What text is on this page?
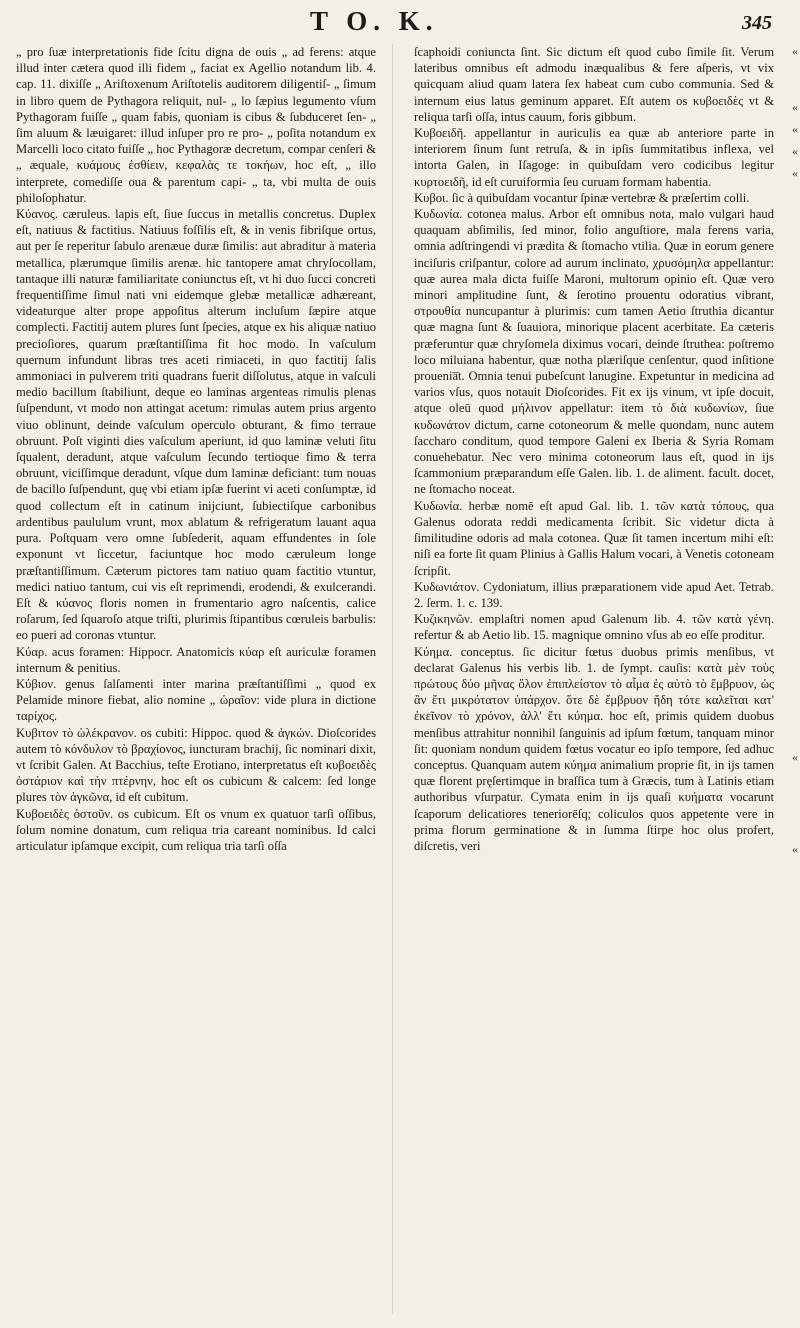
T O. K.	345

„ pro ſuæ interpretationis fide ſcitu digna de ouis „ ad ferens: atque illud inter cætera quod illi fidem „ faciat ex Agellio notandum lib. 4. cap. 11. dixiſſe „ Ariſtoxenum Ariſtotelis auditorem diligentiſ- „ ſimum in libro quem de Pythagora reliquit, nul- „ lo ſæpius legumento vſum Pythagoram fuiſſe „ quam fabis, quoniam is cibus & ſubduceret ſen- „ ſim aluum & læuigaret: illud inſuper pro re pro- „ poſita notandum ex Marcelli loco citato fuiſſe „ hoc Pythagoræ decretum, compar cenſeri & „ æquale, κυάμους ἐσθίειν, κεφαλὰς τε τοκήων, hoc eſt, „ illo interprete, comediſſe oua & parentum capi- „ ta, vbi multa de ouis philoſophatur.

Κύανος. cæruleus. lapis eſt, ſiue ſuccus in metallis concretus. Duplex eſt, natiuus & factitius. Natiuus foſſilis eſt, & in venis fibriſque ortus, aut per ſe reperitur ſabulo arenæue duræ ſimilis: aut abraditur à materia metallica, plærumque ſimilis arenæ. hic tantopere amat chryſocollam, tantaque illi naturæ familiaritate coniunctus eſt, vt hi duo ſucci concreti frequentiſſime ſimul nati vni eidemque glebæ metallicæ adhæreant, videaturque alter prope appoſitus alterum incluſum ſæpire atque complecti. Factitij autem plures ſunt ſpecies, atque ex his aliquæ natiuo precioſiores, quarum præſtantiſſima fit hoc modo. In vaſculum quernum infundunt libras tres aceti rimiaceti, in quo factitij ſalis ammoniaci in pulverem triti quadrans fuerit diſſolutus, atque in vaſculi medio bacillum ſtabiliunt, deque eo laminas argenteas rimulis plenas ſuſpendunt, vt modo non attingat acetum: rimulas autem prius argento viuo oblinunt, deinde vaſculum operculo obturant, & fimo terraue obruunt. Poſt viginti dies vaſculum aperiunt, id quo laminæ veluti ſitu ſqualent, deradunt, atque vaſculum ſecundo tertioque fimo & terra obruunt, viciſſimque deradunt, vſque dum laminæ deficiant: tum nouas de bacillo ſuſpendunt, quę vbi etiam ipſæ fuerint vi aceti conſumptæ, id quod collectum eſt in catinum inijciunt, ſubiectiſque carbonibus ardentibus paululum vrunt, mox ablatum & refrigeratum lauant aqua pura. Poſtquam vero omne ſubſederit, aquam effundentes in ſole exponunt vt ſiccetur, faciuntque hoc modo cæruleum longe præſtantiſſimum. Cæterum pictores tam natiuo quam factitio vtuntur, medici natiuo tantum, cui vis eſt reprimendi, erodendi, & exulcerandi. Eſt & κύανος floris nomen in frumentario agro naſcentis, calice roſarum, ſed ſquaroſo atque triſti, plurimis ſtipantibus cœruleis barbulis: eo pueri ad coronas vtuntur.

Κύαρ. acus foramen: Hippocr. Anatomicis κύαρ eſt auriculæ foramen internum & penitius.

Κύβιον. genus ſalſamenti inter marina præſtantiſſimi „ quod ex Pelamide minore fiebat, alio nomine „ ὡραῖον: vide plura in dictione ταρίχος.

Κυβιτον τὸ ὠλέκρανον. os cubiti: Hippoc. quod & ἀγκών. Dioſcorides autem τὸ κόνδυλον τὸ βραχίονος, iuncturam brachij, ſic nominari dixit, vt ſcribit Galen. At Bacchius, teſte Erotiano, interpretatus eſt κυβοειδὲς ὀστάριον καὶ τὴν πτέρνην, hoc eſt os cubicum & calcem: ſed longe plures τὸν ἀγκῶνα, id eſt cubitum.

Κυβοειδὲς ὀστοῦν. os cubicum. Eſt os vnum ex quatuor tarſi oſſibus, ſolum nomine donatum, cum reliqua tria careant nominibus. Id calci articulatur ipſamque excipit, cum reliqua tria tarſi oſſa

ſcaphoidi coniuncta ſint. Sic dictum eſt quod cubo ſimile ſit. Verum lateribus omnibus eſt admodu inæqualibus & fere aſperis, vt vix quicquam aliud quam latera ſex habeat cum cubo communia. Sed & internum eius latus geminum apparet. Eſt autem os κυβοειδὲς vt & reliqua tarſi oſſa, intus cauum, foris gibbum.

Κυβοειδῆ. appellantur in auriculis ea quæ ab anteriore parte in interiorem ſinum ſunt retruſa, & in ipſis ſummitatibus inflexa, vel intorta Galen, in Iſagoge: in quibuſdam vero codicibus legitur κυρτοειδῆ, id eſt curuiformia ſeu curuam formam habentia.

Κυβοι. ſic à quibuſdam vocantur ſpinæ vertebræ & præſertim colli.

Κυδωνία. cotonea malus. Arbor eſt omnibus nota, malo vulgari haud quaquam abſimilis, ſed minor, folio anguſtiore, mala ferens varia, omnia adſtringendi vi prædita & ſtomacho vtilia. Quæ in eorum genere inciſuris criſpantur, colore ad aurum inclinato, χρυσόμηλα appellantur: quæ aurea mala dicta fuiſſe Maroni, multorum opinio eſt. Quæ vero minori amplitudine ſunt, & ſerotino prouentu odoratius vibrant, στρουθία nuncupantur à plurimis: cum tamen Aetio ſtruthia dicantur quæ magna ſunt & ſuauiora, minorique placent acerbitate. Ea cæteris præferuntur quæ chryſomela diximus vocari, deinde ſtruthea: poſtremo loco miluiana habentur, quæ notha plæriſque cenſentur, quod inſitione prouenia̅t. Omnia tenui pubeſcunt lanugine. Expetuntur in medicina ad varios vſus, quos notauit Dioſcorides. Fit ex ijs vinum, vt ipſe docuit, atque oleū quod μήλινον appellatur: item τὸ διὰ κυδωνίων, ſiue κυδωνάτον dictum, carne cotoneorum & melle quondam, nunc autem ſaccharo conditum, quod tempore Galeni ex Iberia & Syria Romam conuehebatur. Nec vero minima cotoneorum laus eſt, quod in ijs ſcammonium præparandum eſſe Galen. lib. 1. de aliment. facult. docet, ne ſtomacho noceat.

Κυδωνία. herbæ nomē eſt apud Gal. lib. 1. τῶν κατὰ τόπους, qua Galenus odorata reddi medicamenta ſcribit. Sic videtur dicta à ſimilitudine odoris ad mala cotonea. Quæ ſit tamen incertum mihi eſt: niſi ea forte ſit quam Plinius à Gallis Halum vocari, à Venetis cotoneam ſcripſit.

Κυδωνιάτον. Cydoniatum, illius præparationem vide apud Aet. Tetrab. 2. ſerm. 1. c. 139.

Κυζικηνῶν. emplaſtri nomen apud Galenum lib. 4. τῶν κατὰ γένη. refertur & ab Aetio lib. 15. magnique omnino vſus ab eo eſſe proditur.

Κύημα. conceptus. ſic dicitur fœtus duobus primis menſibus, vt declarat Galenus his verbis lib. 1. de ſympt. cauſis: κατὰ μὲν τοὺς πρώτους δύο μῆνας ὅλον ἐπιπλείστον τὸ αἷμα ἐς αὐτὸ τὸ ἔμβρυον, ὡς ἂν ἔτι μικρότατον ὑπάρχον. ὅτε δὲ ἔμβρυον ἤδη τότε καλεῖται κατ' ἐκεῖνον τὸ χρόνον, ἀλλ' ἔτι κύημα. hoc eſt, primis quidem duobus menſibus attrahitur nonnihil ſanguinis ad ipſum fœtum, tanquam minor ſit: quoniam nondum quidem fœtus vocatur eo ipſo tempore, ſed adhuc conceptus. Quanquam autem κύημα animalium proprie ſit, in ijs tamen quæ florent pręſertimque in braſſica tum à Græcis, tum à Latinis etiam authoribus vſurpatur. Cymata enim in ijs quaſi κυήματα vocarunt ſcaporum delicatiores teneriorēſq; coliculos quos appetente vere in prima florum germinatione & in ſumma ſtirpe hoc olus profert, diſcretis, veri

«
«
«
«
«
«
«
